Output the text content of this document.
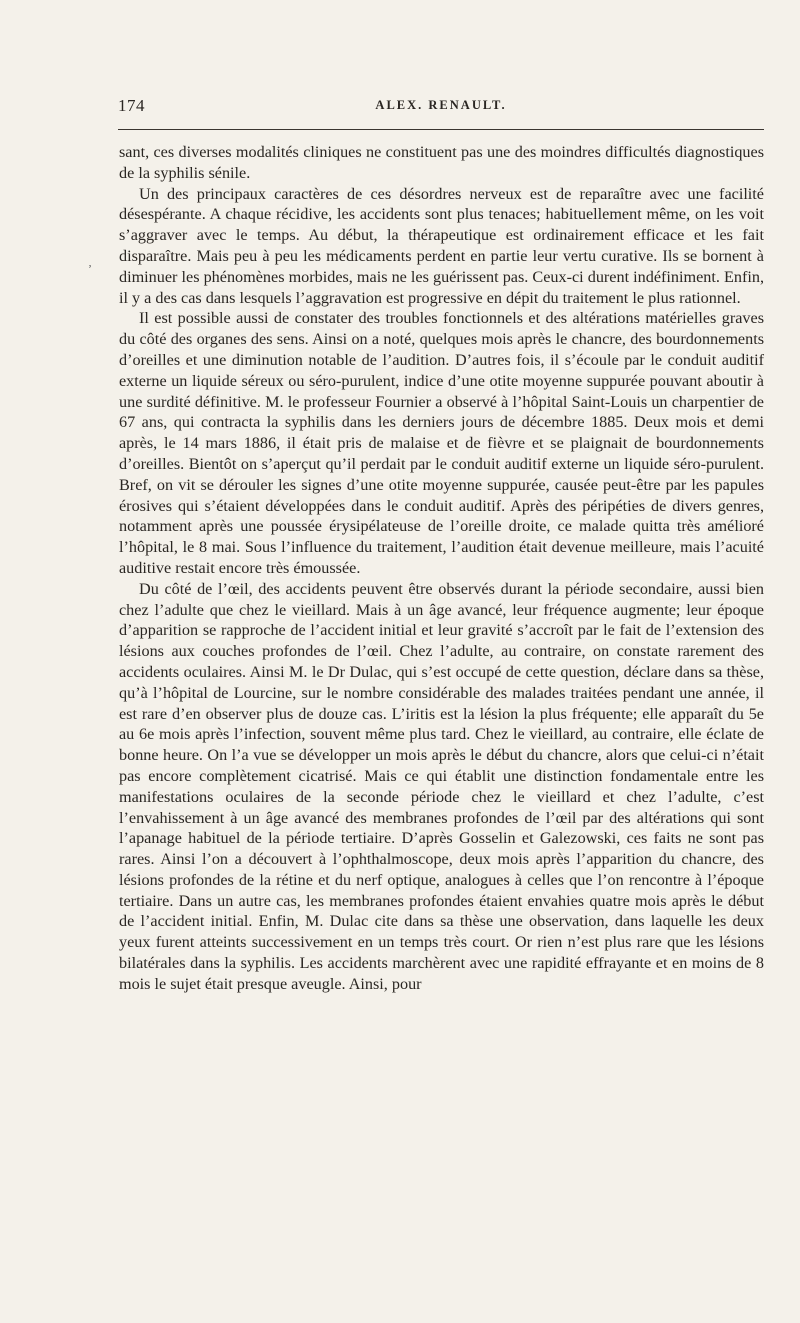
174	ALEX. RENAULT.
ʼ

sant, ces diverses modalités cliniques ne constituent pas une des moindres difficultés diagnostiques de la syphilis sénile.

Un des principaux caractères de ces désordres nerveux est de reparaître avec une facilité désespérante. A chaque récidive, les accidents sont plus tenaces; habituellement même, on les voit s’aggraver avec le temps. Au début, la thérapeutique est ordinairement efficace et les fait disparaître. Mais peu à peu les médicaments perdent en partie leur vertu curative. Ils se bornent à diminuer les phénomènes morbides, mais ne les guérissent pas. Ceux-ci durent indéfiniment. Enfin, il y a des cas dans lesquels l’aggravation est progressive en dépit du traitement le plus rationnel.

Il est possible aussi de constater des troubles fonctionnels et des altérations matérielles graves du côté des organes des sens. Ainsi on a noté, quelques mois après le chancre, des bourdonnements d’oreilles et une diminution notable de l’audition. D’autres fois, il s’écoule par le conduit auditif externe un liquide séreux ou séro-purulent, indice d’une otite moyenne suppurée pouvant aboutir à une surdité définitive. M. le professeur Fournier a observé à l’hôpital Saint-Louis un charpentier de 67 ans, qui contracta la syphilis dans les derniers jours de décembre 1885. Deux mois et demi après, le 14 mars 1886, il était pris de malaise et de fièvre et se plaignait de bourdonnements d’oreilles. Bientôt on s’aperçut qu’il perdait par le conduit auditif externe un liquide séro-purulent. Bref, on vit se dérouler les signes d’une otite moyenne suppurée, causée peut-être par les papules érosives qui s’étaient développées dans le conduit auditif. Après des péripéties de divers genres, notamment après une poussée érysipélateuse de l’oreille droite, ce malade quitta très amélioré l’hôpital, le 8 mai. Sous l’influence du traitement, l’audition était devenue meilleure, mais l’acuité auditive restait encore très émoussée.

Du côté de l’œil, des accidents peuvent être observés durant la période secondaire, aussi bien chez l’adulte que chez le vieillard. Mais à un âge avancé, leur fréquence augmente; leur époque d’apparition se rapproche de l’accident initial et leur gravité s’accroît par le fait de l’extension des lésions aux couches profondes de l’œil. Chez l’adulte, au contraire, on constate rarement des accidents oculaires. Ainsi M. le Dr Dulac, qui s’est occupé de cette question, déclare dans sa thèse, qu’à l’hôpital de Lourcine, sur le nombre considérable des malades traitées pendant une année, il est rare d’en observer plus de douze cas. L’iritis est la lésion la plus fréquente; elle apparaît du 5e au 6e mois après l’infection, souvent même plus tard. Chez le vieillard, au contraire, elle éclate de bonne heure. On l’a vue se développer un mois après le début du chancre, alors que celui-ci n’était pas encore complètement cicatrisé. Mais ce qui établit une distinction fondamentale entre les manifestations oculaires de la seconde période chez le vieillard et chez l’adulte, c’est l’envahissement à un âge avancé des membranes profondes de l’œil par des altérations qui sont l’apanage habituel de la période tertiaire. D’après Gosselin et Galezowski, ces faits ne sont pas rares. Ainsi l’on a découvert à l’ophthalmoscope, deux mois après l’apparition du chancre, des lésions profondes de la rétine et du nerf optique, analogues à celles que l’on rencontre à l’époque tertiaire. Dans un autre cas, les membranes profondes étaient envahies quatre mois après le début de l’accident initial. Enfin, M. Dulac cite dans sa thèse une observation, dans laquelle les deux yeux furent atteints successivement en un temps très court. Or rien n’est plus rare que les lésions bilatérales dans la syphilis. Les accidents marchèrent avec une rapidité effrayante et en moins de 8 mois le sujet était presque aveugle. Ainsi, pour
